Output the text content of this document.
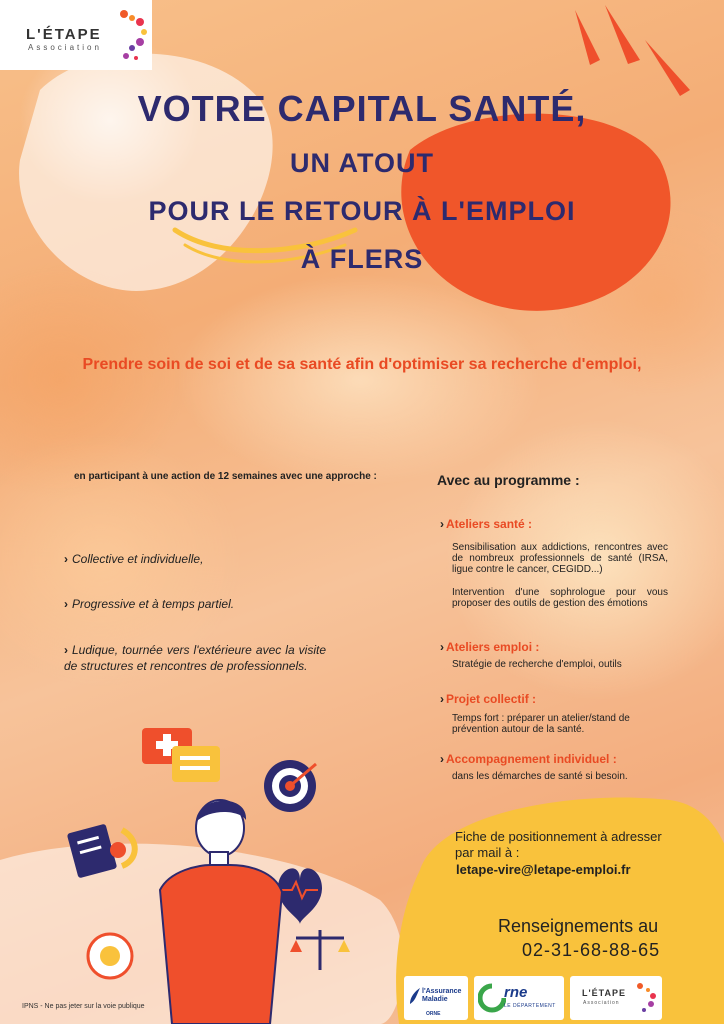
L'ÉTAPE
Association
VOTRE CAPITAL SANTÉ,
UN ATOUT
POUR LE RETOUR À L'EMPLOI
À FLERS
Prendre soin de soi et de sa santé afin d'optimiser sa recherche d'emploi,
en participant à une action de 12 semaines avec une approche :
› Collective et individuelle,
› Progressive et à temps partiel.
› Ludique, tournée vers l'extérieure avec la visite de structures et rencontres de professionnels.
Avec au programme :
› Ateliers santé :
Sensibilisation aux addictions, rencontres avec de nombreux professionnels de santé (IRSA, ligue contre le cancer, CEGIDD...)
Intervention d'une sophrologue pour vous proposer des outils de gestion des émotions
› Ateliers emploi :
Stratégie de recherche d'emploi, outils
› Projet collectif :
Temps fort : préparer un atelier/stand de prévention autour de la santé.
› Accompagnement individuel :
dans les démarches de santé si besoin.
Fiche de positionnement à adresser par mail à :
letape-vire@letape-emploi.fr
Renseignements au
02-31-68-88-65
l'Assurance Maladie
ORNE
rne
LE DÉPARTEMENT
L'ÉTAPE
Association
IPNS - Ne pas jeter sur la voie publique
